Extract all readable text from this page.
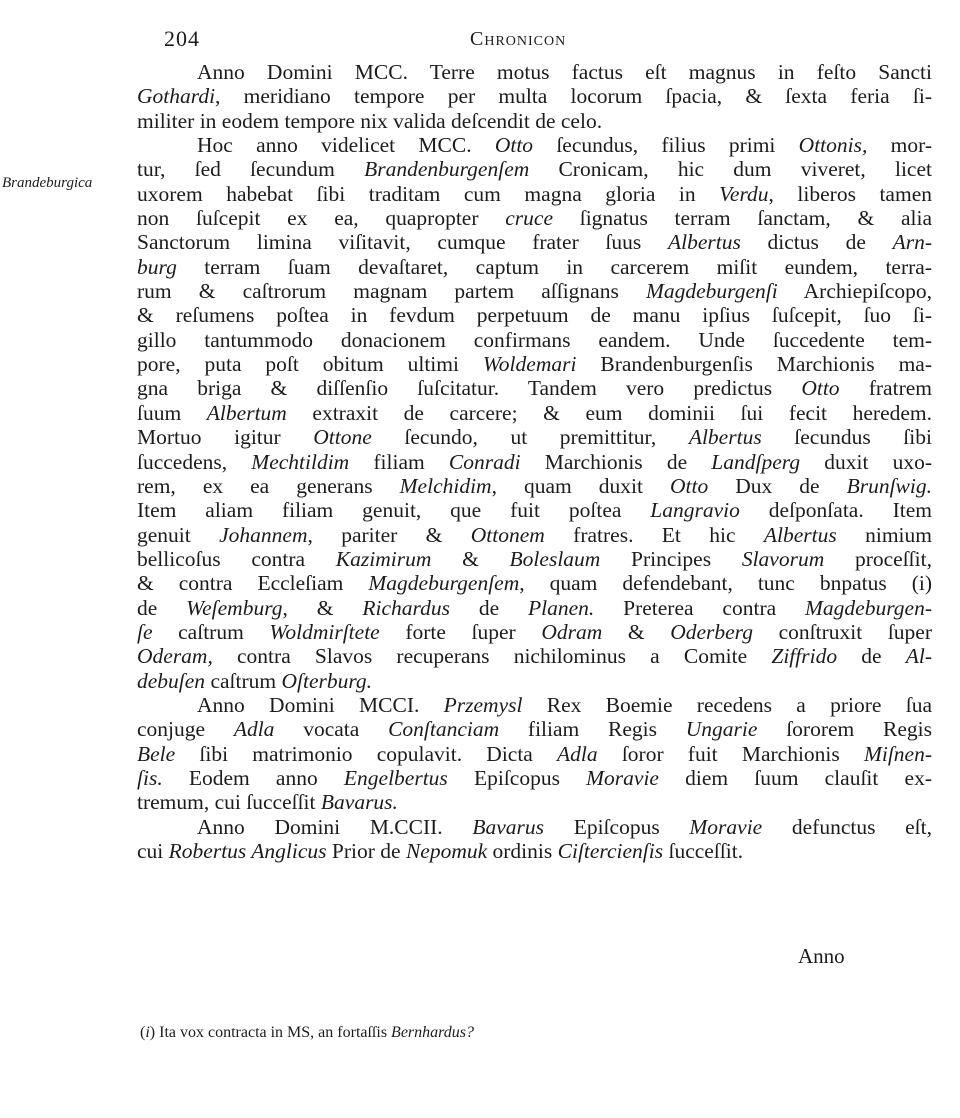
204	Chronicon
Brandeburgica
Anno Domini MCC. Terre motus factus eſt magnus in feſto Sancti
Gothardi, meridiano tempore per multa locorum ſpacia, & ſexta feria ſi-
militer in eodem tempore nix valida deſcendit de celo.
Hoc anno videlicet MCC. Otto ſecundus, filius primi Ottonis, mor-
tur, ſed ſecundum Brandenburgenſem Cronicam, hic dum viveret, licet
uxorem habebat ſibi traditam cum magna gloria in Verdu, liberos tamen
non ſuſcepit ex ea, quapropter cruce ſignatus terram ſanctam, & alia
Sanctorum limina viſitavit, cumque frater ſuus Albertus dictus de Arn-
burg terram ſuam devaſtaret, captum in carcerem miſit eundem, terra-
rum & caſtrorum magnam partem aſſignans Magdeburgenſi Archiepiſcopo,
& reſumens poſtea in fevdum perpetuum de manu ipſius ſuſcepit, ſuo ſi-
gillo tantummodo donacionem confirmans eandem. Unde ſuccedente tem-
pore, puta poſt obitum ultimi Woldemari Brandenburgenſis Marchionis ma-
gna briga & diſſenſio ſuſcitatur. Tandem vero predictus Otto fratrem
ſuum Albertum extraxit de carcere; & eum dominii ſui fecit heredem.
Mortuo igitur Ottone ſecundo, ut premittitur, Albertus ſecundus ſibi
ſuccedens, Mechtildim filiam Conradi Marchionis de Landſperg duxit uxo-
rem, ex ea generans Melchidim, quam duxit Otto Dux de Brunſwig.
Item aliam filiam genuit, que fuit poſtea Langravio deſponſata. Item
genuit Johannem, pariter & Ottonem fratres. Et hic Albertus nimium
bellicoſus contra Kazimirum & Boleslaum Principes Slavorum proceſſit,
& contra Eccleſiam Magdeburgenſem, quam defendebant, tunc bnpatus (i)
de Weſemburg, & Richardus de Planen. Preterea contra Magdeburgen-
ſe caſtrum Woldmirſtete forte ſuper Odram & Oderberg conſtruxit ſuper
Oderam, contra Slavos recuperans nichilominus a Comite Ziffrido de Al-
debuſen caſtrum Oſterburg.
Anno Domini MCCI. Przemysl Rex Boemie recedens a priore ſua
conjuge Adla vocata Conſtanciam filiam Regis Ungarie ſororem Regis
Bele ſibi matrimonio copulavit. Dicta Adla ſoror fuit Marchionis Miſnen-
ſis. Eodem anno Engelbertus Epiſcopus Moravie diem ſuum clauſit ex-
tremum, cui ſucceſſit Bavarus.
Anno Domini M.CCII. Bavarus Epiſcopus Moravie defunctus eſt,
cui Robertus Anglicus Prior de Nepomuk ordinis Ciſtercienſis ſucceſſit.
Anno
(i) Ita vox contracta in MS, an fortaſſis Bernhardus?
